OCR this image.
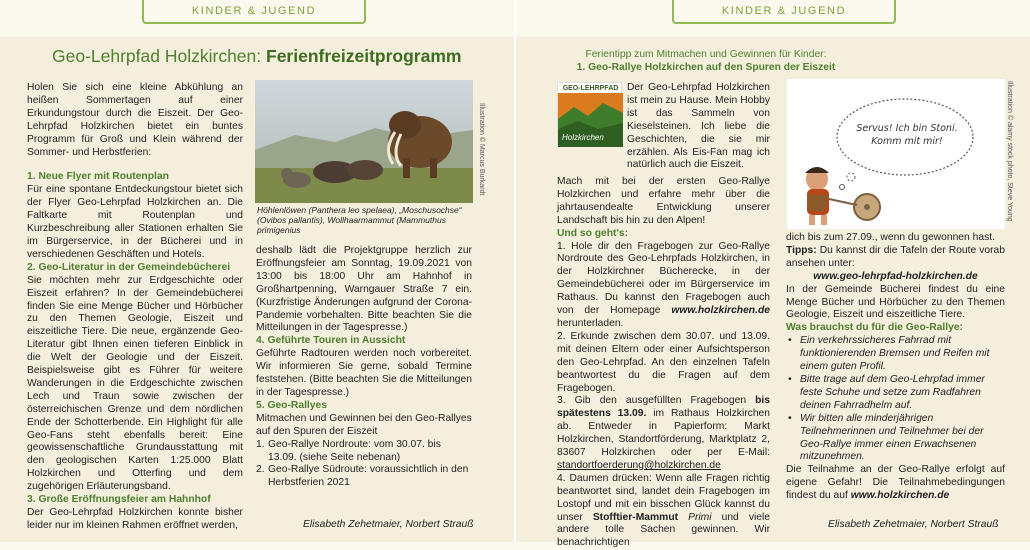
KINDER & JUGEND	KINDER & JUGEND
Geo-Lehrpfad Holzkirchen: Ferienfreizeitprogramm

Holen Sie sich eine kleine Abkühlung an heißen Sommertagen auf einer Erkundungstour durch die Eiszeit. Der Geo-Lehrpfad Holzkirchen bietet ein buntes Programm für Groß und Klein während der Sommer- und Herbstferien:

1. Neue Flyer mit Routenplan

Für eine spontane Entdeckungstour bietet sich der Flyer Geo-Lehrpfad Holzkirchen an. Die Faltkarte mit Routenplan und Kurzbeschreibung aller Stationen erhalten Sie im Bürgerservice, in der Bücherei und in verschiedenen Geschäften und Hotels.

2. Geo-Literatur in der Gemeindebücherei

Sie möchten mehr zur Erdgeschichte oder Eiszeit erfahren? In der Gemeindebücherei finden Sie eine Menge Bücher und Hörbücher zu den Themen Geologie, Eiszeit und eiszeitliche Tiere. Die neue, ergänzende Geo-Literatur gibt Ihnen einen tieferen Einblick in die Welt der Geologie und der Eiszeit. Beispielsweise gibt es Führer für weitere Wanderungen in die Erdgeschichte zwischen Lech und Traun sowie zwischen der österreichischen Grenze und dem nördlichen Ende der Schotterbende. Ein Highlight für alle Geo-Fans steht ebenfalls bereit: Eine geowissenschaftliche Grundausstattung mit den geologischen Karten 1:25.000 Blatt Holzkirchen und Otterfing und dem zugehörigen Erläuterungsband.

3. Große Eröffnungsfeier am Hahnhof

Der Geo-Lehrpfad Holzkirchen konnte bisher leider nur im kleinen Rahmen eröffnet werden,

Höhlenlöwen (Panthera leo spelaea), „Moschusochse“ (Ovibos pallantis), Wollhaarmammut (Mammuthus primigenius
Illustration © Marcus Burkardt

deshalb lädt die Projektgruppe herzlich zur Eröffnungsfeier am Sonntag, 19.09.2021 von 13:00 bis 18:00 Uhr am Hahnhof in Großhartpenning, Warngauer Straße 7 ein. (Kurzfristige Änderungen aufgrund der Corona-Pandemie vorbehalten. Bitte beachten Sie die Mitteilungen in der Tagespresse.)

4. Geführte Touren in Aussicht

Geführte Radtouren werden noch vorbereitet. Wir informieren Sie gerne, sobald Termine feststehen. (Bitte beachten Sie die Mitteilungen in der Tagespresse.)

5. Geo-Rallyes

Mitmachen und Gewinnen bei den Geo-Rallyes auf den Spuren der Eiszeit

1. Geo-Rallye Nordroute: vom 30.07. bis 13.09. (siehe Seite nebenan)
2. Geo-Rallye Südroute: voraussichtlich in den Herbstferien 2021
Elisabeth Zehetmaier, Norbert Strauß
Ferientipp zum Mitmachen und Gewinnen für Kinder:
1. Geo-Rallye Holzkirchen auf den Spuren der Eiszeit
GEO-LEHRPFAD
Holzkirchen

Der Geo-Lehrpfad Holzkirchen ist mein zu Hause. Mein Hobby ist das Sammeln von Kieselsteinen. Ich liebe die Geschichten, die sie mir erzählen. Als Eis-Fan mag ich natürlich auch die Eiszeit.

Mach mit bei der ersten Geo-Rallye Holzkirchen und erfahre mehr über die jahrtausendealte Entwicklung unserer Landschaft bis hin zu den Alpen!

Und so geht's:

1. Hole dir den Fragebogen zur Geo-Rallye Nordroute des Geo-Lehrpfads Holzkirchen, in der Holzkirchner Bücherecke, in der Gemeindebücherei oder im Bürgerservice im Rathaus. Du kannst den Fragebogen auch von der Homepage www.holzkirchen.de herunterladen.

2. Erkunde zwischen dem 30.07. und 13.09. mit deinen Eltern oder einer Aufsichtsperson den Geo-Lehrpfad. An den einzelnen Tafeln beantwortest du die Fragen auf dem Fragebogen.

3. Gib den ausgefüllten Fragebogen bis spätestens 13.09. im Rathaus Holzkirchen ab. Entweder in Papierform: Markt Holzkirchen, Standortförderung, Marktplatz 2, 83607 Holzkirchen oder per E-Mail: standortfoerderung@holzkirchen.de

4. Daumen drücken: Wenn alle Fragen richtig beantwortet sind, landet dein Fragebogen im Lostopf und mit ein bisschen Glück kannst du unser Stofftier-Mammut Primi und viele andere tolle Sachen gewinnen. Wir benachrichtigen

Servus! Ich bin Stoni.
Komm mit mir!	Illustration © alamy stock photo, Steve Young

dich bis zum 27.09., wenn du gewonnen hast.

Tipps: Du kannst dir die Tafeln der Route vorab ansehen unter:

www.geo-lehrpfad-holzkirchen.de

In der Gemeinde Bücherei findest du eine Menge Bücher und Hörbücher zu den Themen Geologie, Eiszeit und eiszeitliche Tiere.

Was brauchst du für die Geo-Rallye:

• Ein verkehrssicheres Fahrrad mit funktionierenden Bremsen und Reifen mit einem guten Profil.
• Bitte trage auf dem Geo-Lehrpfad immer feste Schuhe und setze zum Radfahren deinen Fahrradhelm auf.
• Wir bitten alle minderjährigen Teilnehmerinnen und Teilnehmer bei der Geo-Rallye immer einen Erwachsenen mitzunehmen.

Die Teilnahme an der Geo-Rallye erfolgt auf eigene Gefahr! Die Teilnahmebedingungen findest du auf www.holzkirchen.de

Elisabeth Zehetmaier, Norbert Strauß
